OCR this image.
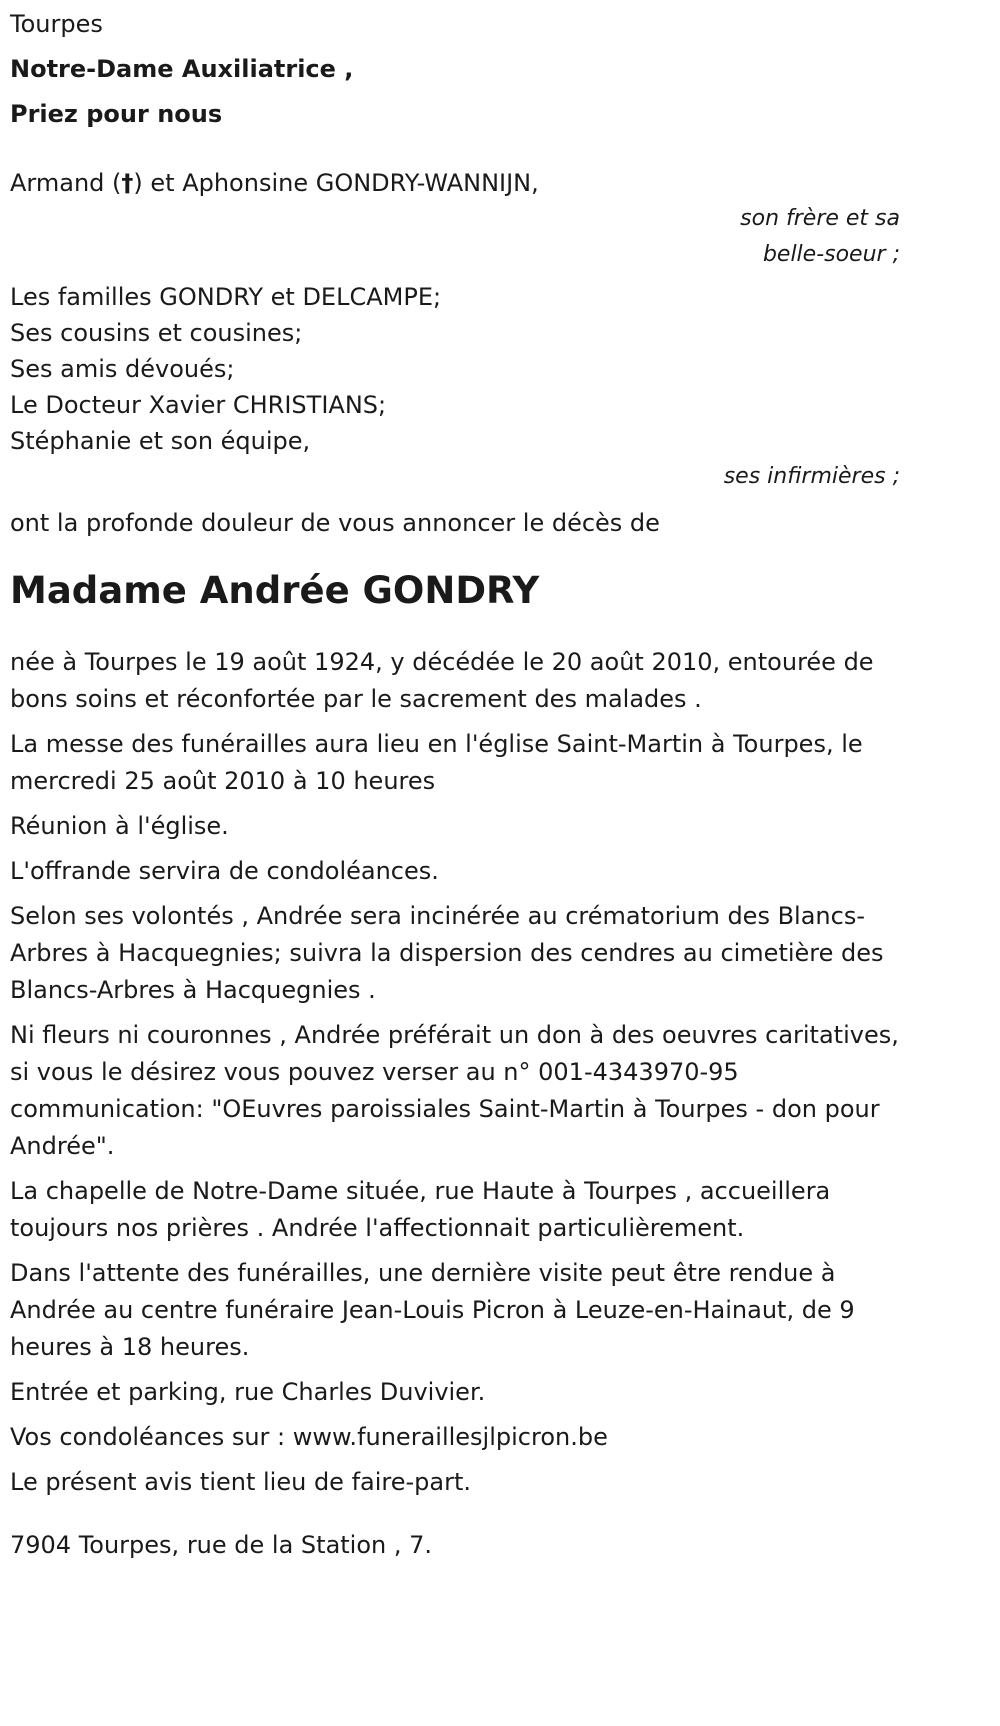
Tourpes
Notre-Dame Auxiliatrice ,
Priez pour nous
Armand (†) et Aphonsine GONDRY-WANNIJN,
son frère et sa
belle-soeur ;
Les familles GONDRY et DELCAMPE;
Ses cousins et cousines;
Ses amis dévoués;
Le Docteur Xavier CHRISTIANS;
Stéphanie et son équipe,
ses infirmières ;
ont la profonde douleur de vous annoncer le décès de
Madame Andrée GONDRY

née à Tourpes le 19 août 1924, y décédée le 20 août 2010, entourée de bons soins et réconfortée par le sacrement des malades .

La messe des funérailles aura lieu en l'église Saint-Martin à Tourpes, le mercredi 25 août 2010 à 10 heures

Réunion à l'église.

L'offrande servira de condoléances.

Selon ses volontés , Andrée sera incinérée au crématorium des Blancs-Arbres à Hacquegnies; suivra la dispersion des cendres au cimetière des Blancs-Arbres à Hacquegnies .

Ni fleurs ni couronnes , Andrée préférait un don à des oeuvres caritatives, si vous le désirez vous pouvez verser au n° 001-4343970-95 communication: "OEuvres paroissiales Saint-Martin à Tourpes - don pour Andrée".

La chapelle de Notre-Dame située, rue Haute à Tourpes , accueillera toujours nos prières . Andrée l'affectionnait particulièrement.

Dans l'attente des funérailles, une dernière visite peut être rendue à Andrée au centre funéraire Jean-Louis Picron à Leuze-en-Hainaut, de 9 heures à 18 heures.

Entrée et parking, rue Charles Duvivier.

Vos condoléances sur : www.funeraillesjlpicron.be

Le présent avis tient lieu de faire-part.

7904 Tourpes, rue de la Station , 7.
